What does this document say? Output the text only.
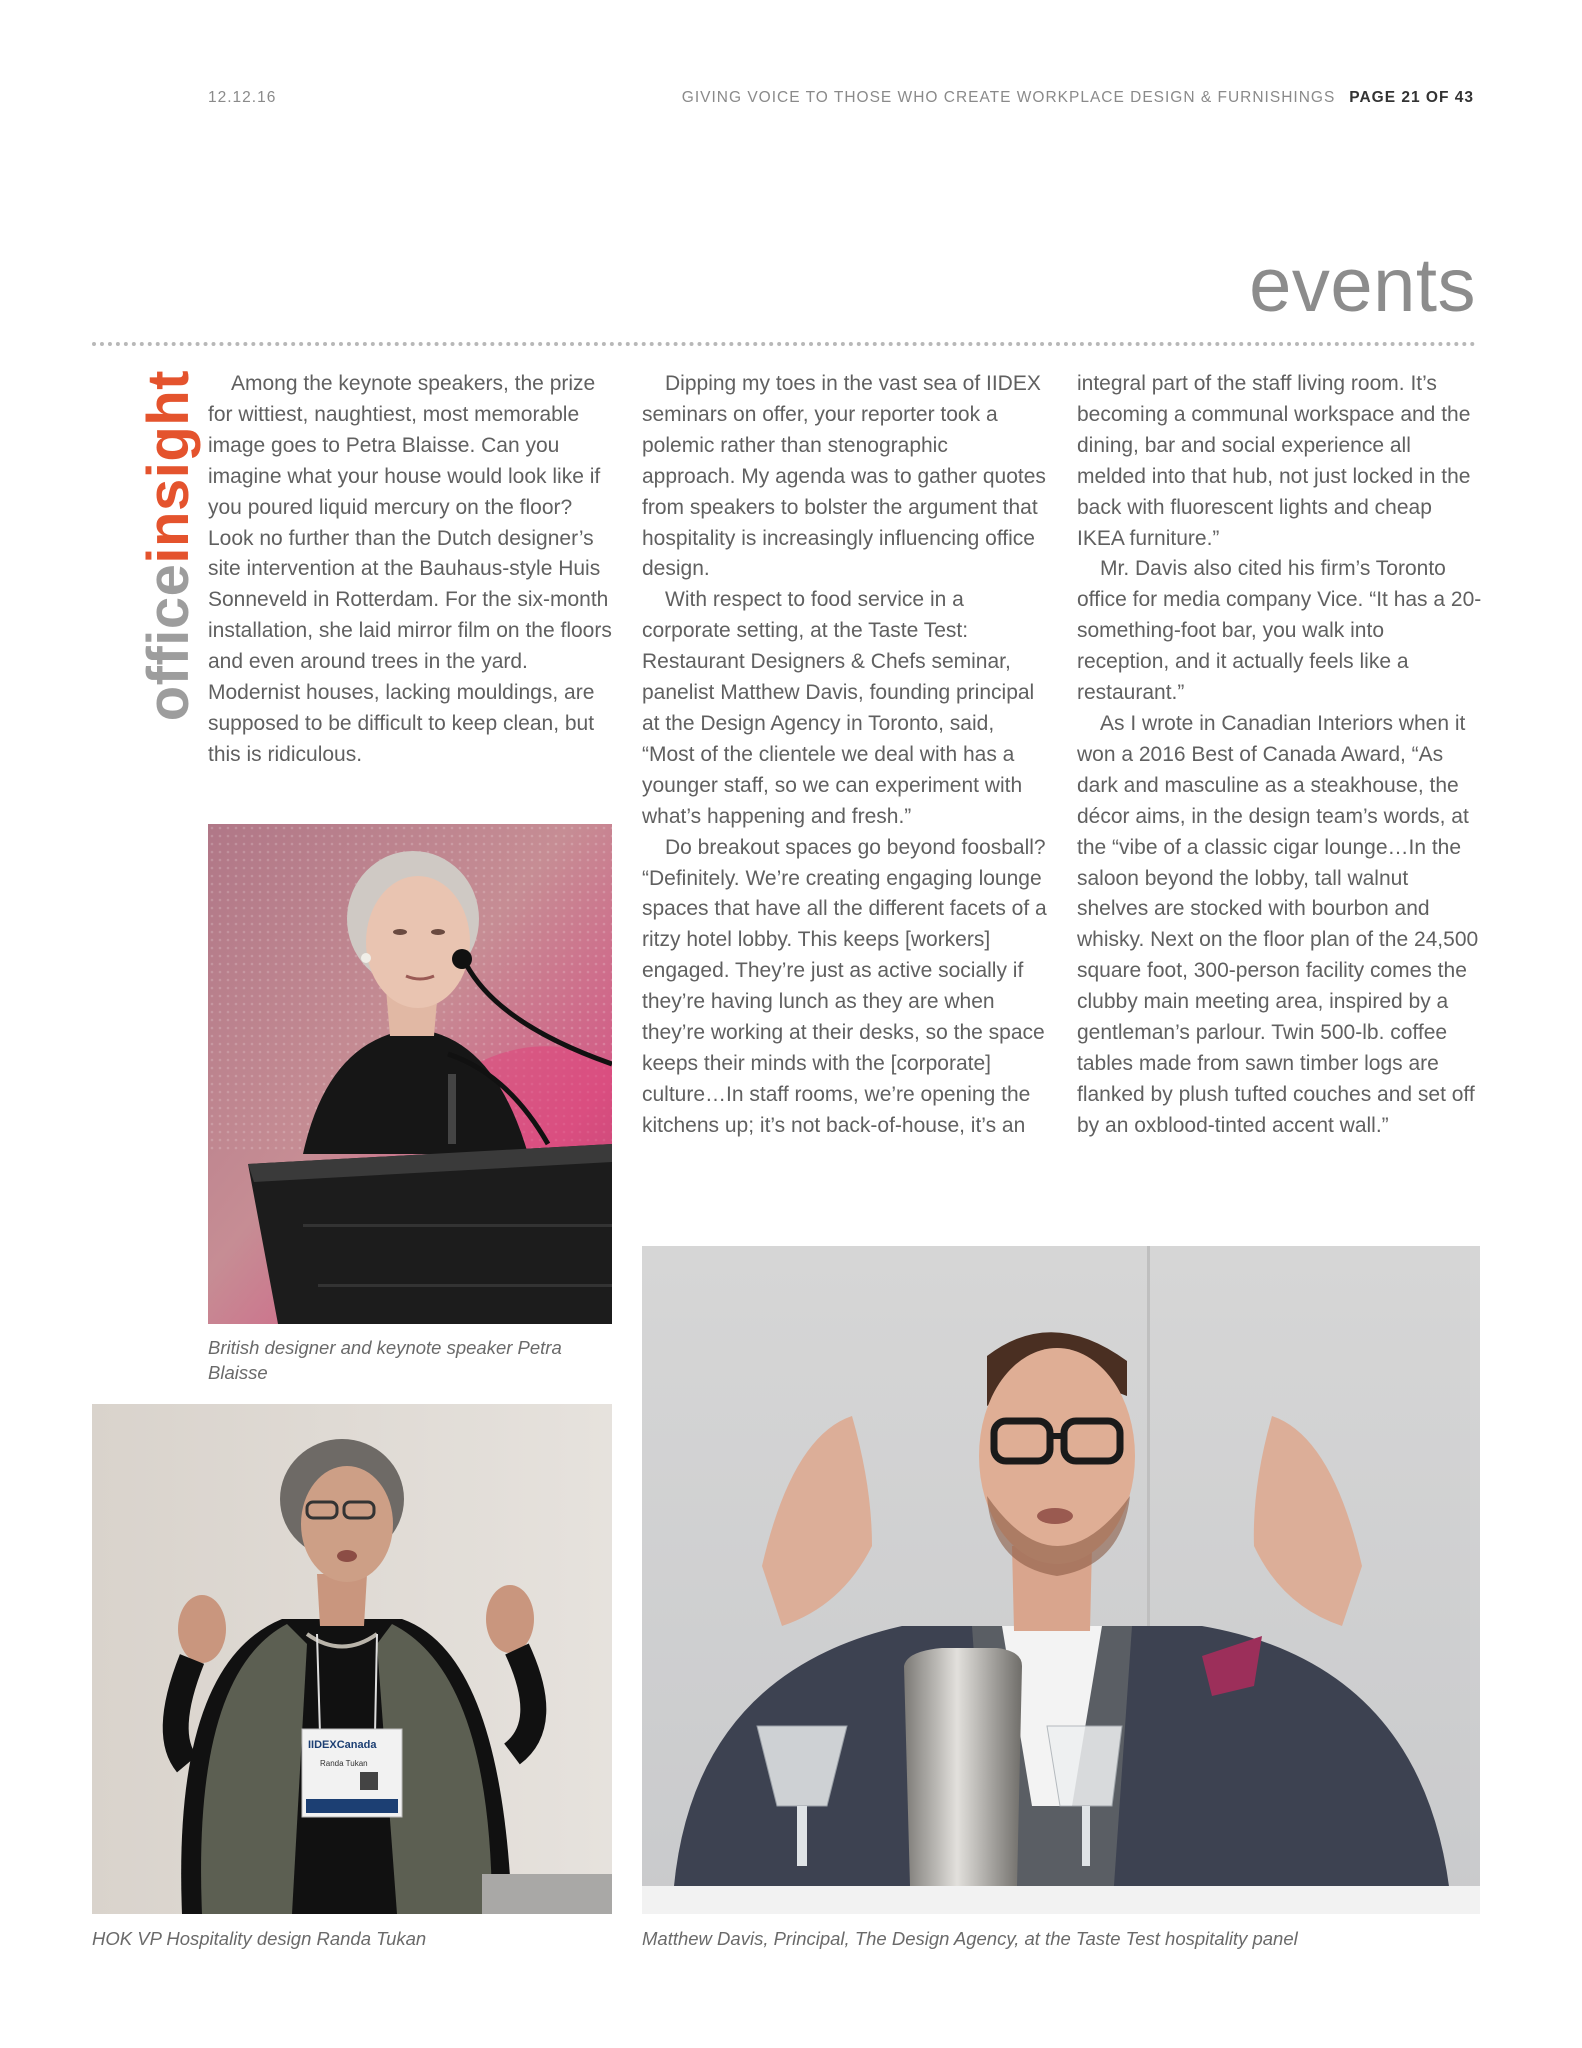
12.12.16	GIVING VOICE TO THOSE WHO CREATE WORKPLACE DESIGN & FURNISHINGS PAGE 21 OF 43
events
officeinsight	Among the keynote speakers, the prize for wittiest, naughtiest, most memorable image goes to Petra Blaisse. Can you imagine what your house would look like if you poured liquid mercury on the floor? Look no further than the Dutch designer’s site intervention at the Bauhaus-style Huis Sonneveld in Rotterdam. For the six-month installation, she laid mirror film on the floors and even around trees in the yard. Modernist houses, lacking mouldings, are supposed to be difficult to keep clean, but this is ridiculous.

Dipping my toes in the vast sea of IIDEX seminars on offer, your reporter took a polemic rather than stenographic approach. My agenda was to gather quotes from speakers to bolster the argument that hospitality is increasingly influencing office design.

With respect to food service in a corporate setting, at the Taste Test: Restaurant Designers & Chefs seminar, panelist Matthew Davis, founding principal at the Design Agency in Toronto, said, “Most of the clientele we deal with has a younger staff, so we can experiment with what’s happening and fresh.”

Do breakout spaces go beyond foosball? “Definitely. We’re creating engaging lounge spaces that have all the different facets of a ritzy hotel lobby. This keeps [workers] engaged. They’re just as active socially if they’re having lunch as they are when they’re working at their desks, so the space keeps their minds with the [corporate] culture…In staff rooms, we’re opening the kitchens up; it’s not back-of-house, it’s an

integral part of the staff living room. It’s becoming a communal workspace and the dining, bar and social experience all melded into that hub, not just locked in the back with fluorescent lights and cheap IKEA furniture.”

Mr. Davis also cited his firm’s Toronto office for media company Vice. “It has a 20-something-foot bar, you walk into reception, and it actually feels like a restaurant.”

As I wrote in Canadian Interiors when it won a 2016 Best of Canada Award, “As dark and masculine as a steakhouse, the décor aims, in the design team’s words, at the “vibe of a classic cigar lounge…In the saloon beyond the lobby, tall walnut shelves are stocked with bourbon and whisky. Next on the floor plan of the 24,500 square foot, 300-person facility comes the clubby main meeting area, inspired by a gentleman’s parlour. Twin 500-lb. coffee tables made from sawn timber logs are flanked by plush tufted couches and set off by an oxblood-tinted accent wall.”

British designer and keynote speaker Petra Blaisse
IIDEXCanada
Randa Tukan
HOK VP Hospitality design Randa Tukan	Matthew Davis, Principal, The Design Agency, at the Taste Test hospitality panel
